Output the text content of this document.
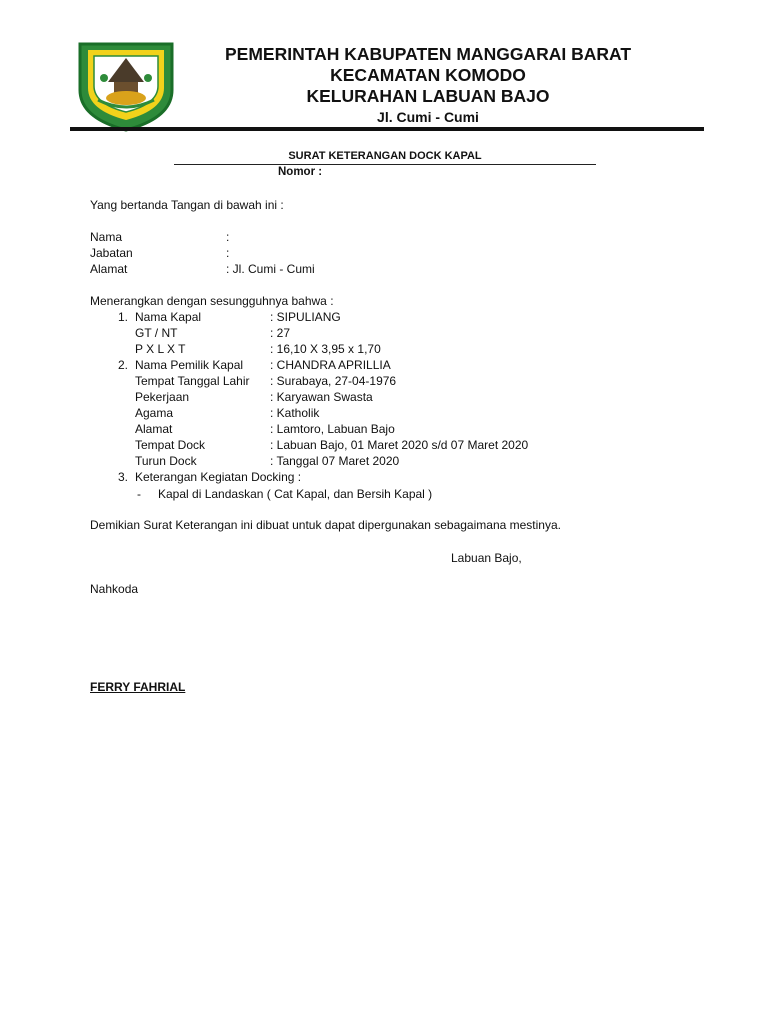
PEMERINTAH KABUPATEN MANGGARAI BARAT
KECAMATAN KOMODO
KELURAHAN LABUAN BAJO
Jl. Cumi - Cumi
SURAT KETERANGAN DOCK KAPAL
Nomor :
Yang bertanda Tangan di bawah ini :
Nama	:
Jabatan	:
Alamat	: Jl. Cumi - Cumi
Menerangkan dengan sesungguhnya bahwa :
1. Nama Kapal	: SIPULIANG
GT / NT	: 27
P X L X T	: 16,10 X 3,95 x 1,70
2. Nama Pemilik Kapal : CHANDRA APRILLIA
Tempat Tanggal Lahir : Surabaya, 27-04-1976
Pekerjaan	: Karyawan Swasta
Agama	: Katholik
Alamat	: Lamtoro, Labuan Bajo
Tempat Dock	: Labuan Bajo, 01 Maret 2020 s/d 07 Maret 2020
Turun Dock	: Tanggal 07 Maret 2020
3. Keterangan Kegiatan Docking :
- Kapal di Landaskan ( Cat Kapal, dan Bersih Kapal )
Demikian Surat Keterangan ini dibuat untuk dapat dipergunakan sebagaimana mestinya.
Labuan Bajo,
Nahkoda
FERRY FAHRIAL
